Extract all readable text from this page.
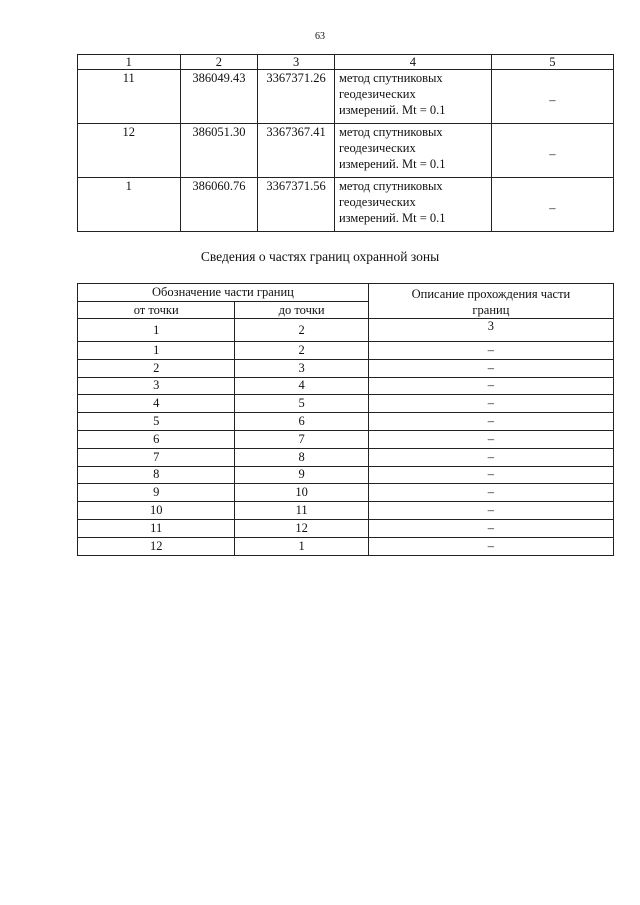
63
1	2	3	4	5
11	386049.43	3367371.26	метод спутниковых
геодезических
измерений. Mt = 0.1	–
12	386051.30	3367367.41	метод спутниковых
геодезических
измерений. Mt = 0.1	–
1	386060.76	3367371.56	метод спутниковых
геодезических
измерений. Mt = 0.1	–
Сведения о частях границ охранной зоны
Обозначение части границ		Описание прохождения части
границ

от точки	до точки	
1	2	3
1	2	–
2	3	–
3	4	–
4	5	–
5	6	–
6	7	–
7	8	–
8	9	–
9	10	–
10	11	–
11	12	–
12	1	–
